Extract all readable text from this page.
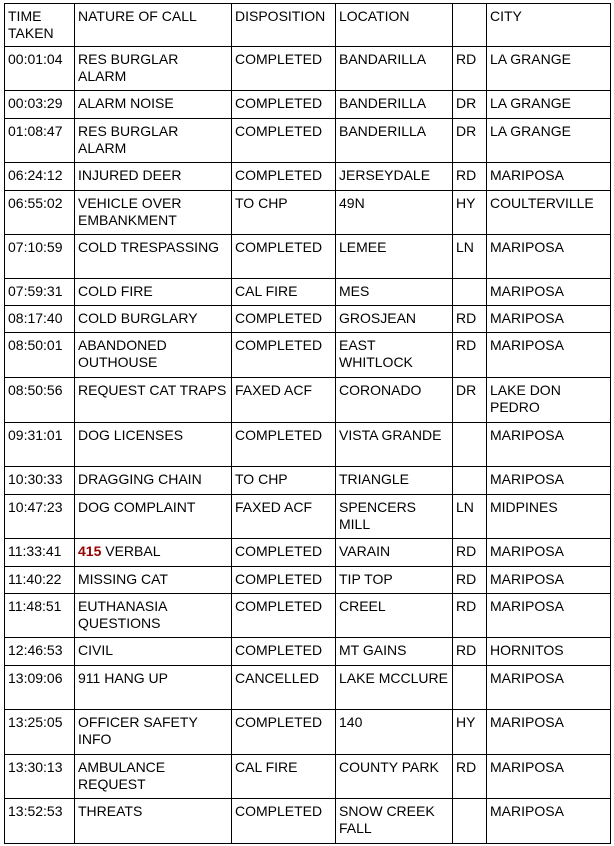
TIME TAKEN	NATURE OF CALL	DISPOSITION	LOCATION		CITY
00:01:04	RES BURGLAR ALARM	COMPLETED	BANDARILLA	RD	LA GRANGE
00:03:29	ALARM NOISE	COMPLETED	BANDERILLA	DR	LA GRANGE
01:08:47	RES BURGLAR ALARM	COMPLETED	BANDERILLA	DR	LA GRANGE
06:24:12	INJURED DEER	COMPLETED	JERSEYDALE	RD	MARIPOSA
06:55:02	VEHICLE OVER EMBANKMENT	TO CHP	49N	HY	COULTERVILLE
07:10:59	COLD TRESPASSING	COMPLETED	LEMEE	LN	MARIPOSA
07:59:31	COLD FIRE	CAL FIRE	MES		MARIPOSA
08:17:40	COLD BURGLARY	COMPLETED	GROSJEAN	RD	MARIPOSA
08:50:01	ABANDONED OUTHOUSE	COMPLETED	EAST WHITLOCK	RD	MARIPOSA
08:50:56	REQUEST CAT TRAPS	FAXED ACF	CORONADO	DR	LAKE DON PEDRO
09:31:01	DOG LICENSES	COMPLETED	VISTA GRANDE		MARIPOSA
10:30:33	DRAGGING CHAIN	TO CHP	TRIANGLE		MARIPOSA
10:47:23	DOG COMPLAINT	FAXED ACF	SPENCERS MILL	LN	MIDPINES
11:33:41	415 VERBAL	COMPLETED	VARAIN	RD	MARIPOSA
11:40:22	MISSING CAT	COMPLETED	TIP TOP	RD	MARIPOSA
11:48:51	EUTHANASIA QUESTIONS	COMPLETED	CREEL	RD	MARIPOSA
12:46:53	CIVIL	COMPLETED	MT GAINS	RD	HORNITOS
13:09:06	911 HANG UP	CANCELLED	LAKE MCCLURE		MARIPOSA
13:25:05	OFFICER SAFETY INFO	COMPLETED	140	HY	MARIPOSA
13:30:13	AMBULANCE REQUEST	CAL FIRE	COUNTY PARK	RD	MARIPOSA
13:52:53	THREATS	COMPLETED	SNOW CREEK FALL		MARIPOSA
